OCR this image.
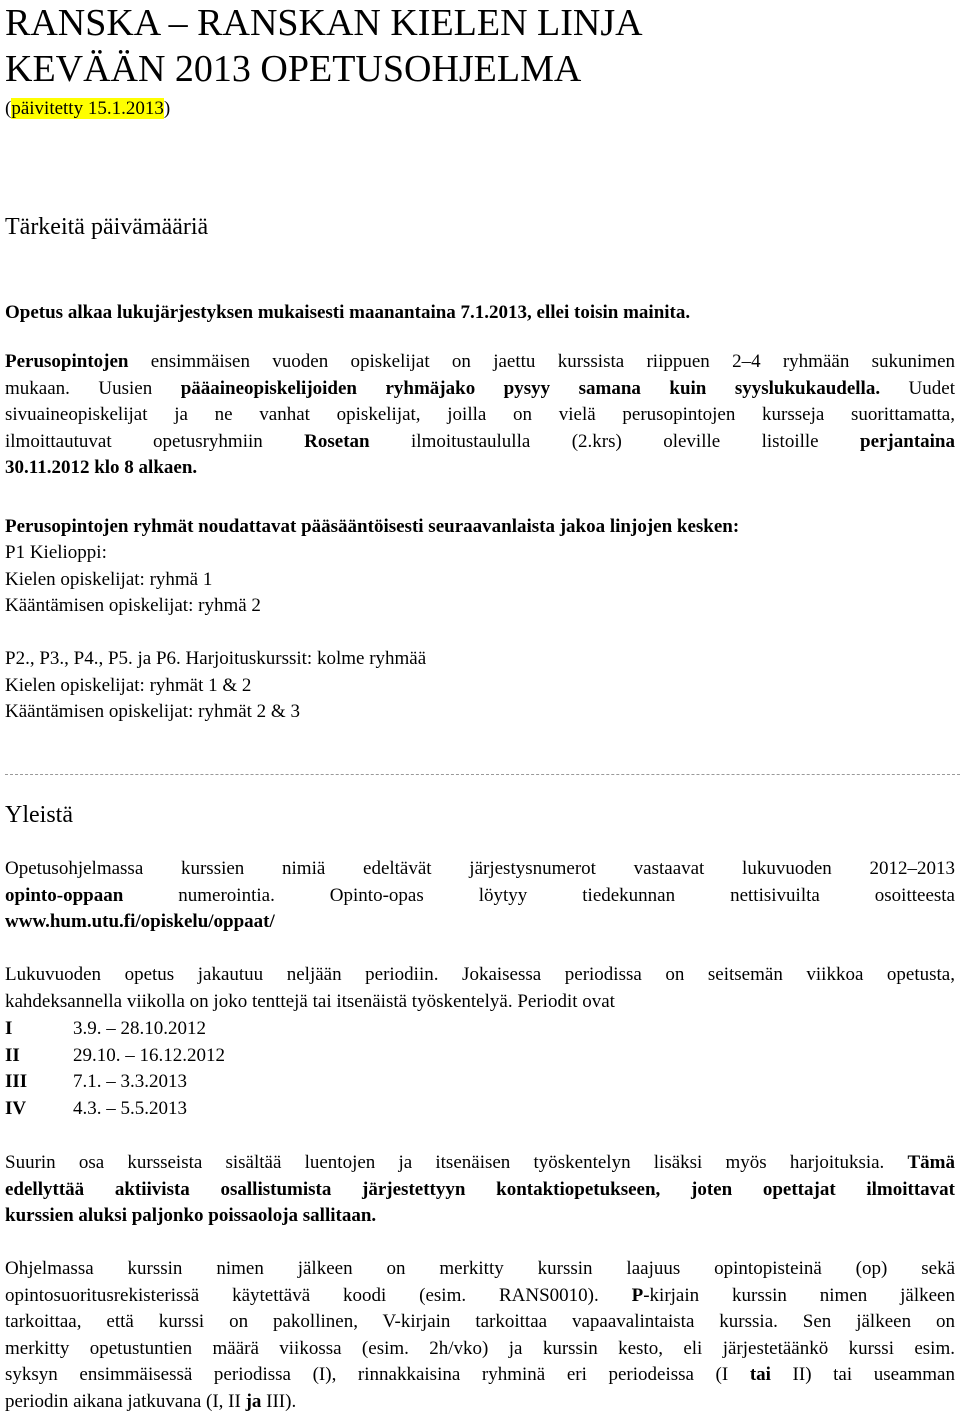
RANSKA – RANSKAN KIELEN LINJA
KEVÄÄN 2013 OPETUSOHJELMA
(päivitetty 15.1.2013)
Tärkeitä päivämääriä
Opetus alkaa lukujärjestyksen mukaisesti maanantaina 7.1.2013, ellei toisin mainita.
Perusopintojen ensimmäisen vuoden opiskelijat on jaettu kurssista riippuen 2–4 ryhmään sukunimen
mukaan. Uusien pääaineopiskelijoiden ryhmäjako pysyy samana kuin syyslukukaudella. Uudet
sivuaineopiskelijat ja ne vanhat opiskelijat, joilla on vielä perusopintojen kursseja suorittamatta,
ilmoittautuvat opetusryhmiin Rosetan ilmoitustaululla (2.krs) oleville listoille perjantaina
30.11.2012 klo 8 alkaen.
Perusopintojen ryhmät noudattavat pääsääntöisesti seuraavanlaista jakoa linjojen kesken:
P1 Kielioppi:
Kielen opiskelijat: ryhmä 1
Kääntämisen opiskelijat: ryhmä 2
P2., P3., P4., P5. ja P6. Harjoituskurssit: kolme ryhmää
Kielen opiskelijat: ryhmät 1 & 2
Kääntämisen opiskelijat: ryhmät 2 & 3
Yleistä
Opetusohjelmassa kurssien nimiä edeltävät järjestysnumerot vastaavat lukuvuoden 2012–2013
opinto-oppaan numerointia. Opinto-opas löytyy tiedekunnan nettisivuilta osoitteesta
www.hum.utu.fi/opiskelu/oppaat/
Lukuvuoden opetus jakautuu neljään periodiin. Jokaisessa periodissa on seitsemän viikkoa opetusta,
kahdeksannella viikolla on joko tenttejä tai itsenäistä työskentelyä. Periodit ovat
I	3.9. – 28.10.2012
II	29.10. – 16.12.2012
III 7.1. – 3.3.2013
IV 4.3. – 5.5.2013
Suurin osa kursseista sisältää luentojen ja itsenäisen työskentelyn lisäksi myös harjoituksia. Tämä
edellyttää aktiivista osallistumista järjestettyyn kontaktiopetukseen, joten opettajat ilmoittavat
kurssien aluksi paljonko poissaoloja sallitaan.
Ohjelmassa kurssin nimen jälkeen on merkitty kurssin laajuus opintopisteinä (op) sekä
opintosuoritusrekisterissä käytettävä koodi (esim. RANS0010). P-kirjain kurssin nimen jälkeen
tarkoittaa, että kurssi on pakollinen, V-kirjain tarkoittaa vapaavalintaista kurssia. Sen jälkeen on
merkitty opetustuntien määrä viikossa (esim. 2h/vko) ja kurssin kesto, eli järjestetäänkö kurssi esim.
syksyn ensimmäisessä periodissa (I), rinnakkaisina ryhminä eri periodeissa (I tai II) tai useamman
periodin aikana jatkuvana (I, II ja III).
